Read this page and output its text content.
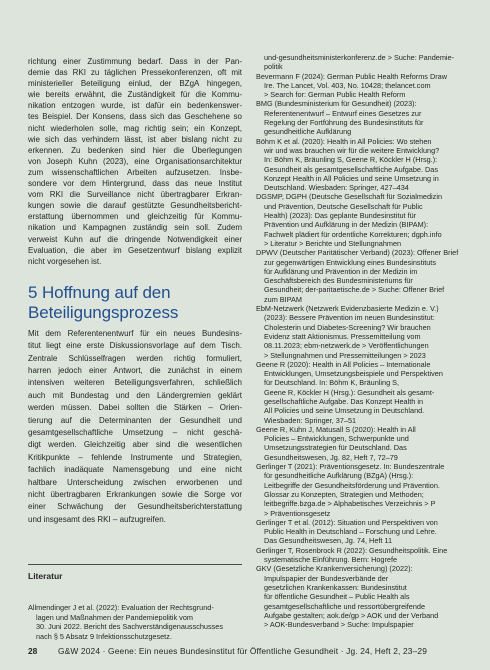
richtung einer Zustimmung bedarf. Dass in der Pan-
demie das RKI zu täglichen Pressekonferenzen, oft mit
ministerieller Beteiligung einlud, der BZgA hingegen,
wie bereits erwähnt, die Zuständigkeit für die Kommu-
nikation entzogen wurde, ist dafür ein bedenkenswer-
tes Beispiel. Der Konsens, dass sich das Geschehene so
nicht wiederholen solle, mag richtig sein; ein Konzept,
wie sich das verhindern lässt, ist aber bislang nicht zu
erkennen. Zu bedenken sind hier die Überlegungen
von Joseph Kuhn (2023), eine Organisationsarchitektur
zum wissenschaftlichen Arbeiten aufzusetzen. Insbe-
sondere vor dem Hintergrund, dass das neue Institut
vom RKI die Surveillance nicht übertragbarer Erkran-
kungen sowie die darauf gestützte Gesundheitsbericht-
erstattung übernommen und gleichzeitig für Kommu-
nikation und Kampagnen zuständig sein soll. Zudem
verweist Kuhn auf die dringende Notwendigkeit einer
Evaluation, die aber im Gesetzentwurf bislang explizit
nicht vorgesehen ist.
5 Hoffnung auf den
Beteiligungsprozess
Mit dem Referentenentwurf für ein neues Bundesins-
titut liegt eine erste Diskussionsvorlage auf dem Tisch.
Zentrale Schlüsselfragen werden richtig formuliert,
harren jedoch einer Antwort, die zunächst in einem
intensiven weiteren Beteiligungsverfahren, schließlich
auch mit Bundestag und den Ländergremien geklärt
werden müssen. Dabei sollten die Stärken – Orien-
tierung auf die Determinanten der Gesundheit und
gesamtgesellschaftliche Umsetzung – nicht geschä-
digt werden. Gleichzeitig aber sind die wesentlichen
Kritikpunkte – fehlende Instrumente und Strategien,
fachlich inadäquate Namensgebung und eine nicht
haltbare Unterscheidung zwischen erworbenen und
nicht übertragbaren Erkrankungen sowie die Sorge vor
einer Schwächung der Gesundheitsberichterstattung
und insgesamt des RKI – aufzugreifen.
Literatur
Allmendinger J et al. (2022): Evaluation der Rechtsgrund-
lagen und Maßnahmen der Pandemiepolitik vom
30. Juni 2022. Bericht des Sachverständigenausschusses
nach § 5 Absatz 9 Infektionsschutzgesetz.
und-gesundheitsministerkonferenz.de > Suche: Pandemie-
politik
Bevermann F (2024): German Public Health Reforms Draw
Ire. The Lancet, Vol. 403, No. 10428; thelancet.com
> Search for: German Public Health Reform
BMG (Bundesministerium für Gesundheit) (2023):
Referentenentwurf – Entwurf eines Gesetzes zur
Regelung der Fortführung des Bundesinstituts für
gesundheitliche Aufklärung
Böhm K et al. (2020): Health in All Policies: Wo stehen
wir und was brauchen wir für die weitere Entwicklung?
In: Böhm K, Bräunling S, Geene R, Köckler H (Hrsg.):
Gesundheit als gesamtgesellschaftliche Aufgabe. Das
Konzept Health in All Policies und seine Umsetzung in
Deutschland. Wiesbaden: Springer, 427–434
DGSMP, DGPH (Deutsche Gesellschaft für Sozialmedizin
und Prävention, Deutsche Gesellschaft für Public
Health) (2023): Das geplante Bundesinstitut für
Prävention und Aufklärung in der Medizin (BIPAM):
Fachwelt plädiert für ordentliche Korrekturen; dgph.info
> Literatur > Berichte und Stellungnahmen
DPWV (Deutscher Paritätischer Verband) (2023): Offener Brief
zur gegenwärtigen Entwicklung eines Bundesinstituts
für Aufklärung und Prävention in der Medizin im
Geschäftsbereich des Bundesministeriums für
Gesundheit; der-paritaetische.de > Suche: Offener Brief
zum BIPAM
EbM-Netzwerk (Netzwerk Evidenzbasierte Medizin e. V.)
(2023): Bessere Prävention im neuen Bundesinstitut:
Cholesterin und Diabetes-Screening? Wir brauchen
Evidenz statt Aktionismus. Pressemitteilung vom
08.11.2023; ebm-netzwerk.de > Veröffentlichungen
> Stellungnahmen und Pressemitteilungen > 2023
Geene R (2020): Health in All Policies – Internationale
Entwicklungen, Umsetzungsbeispiele und Perspektiven
für Deutschland. In: Böhm K, Bräunling S,
Geene R, Köckler H (Hrsg.): Gesundheit als gesamt-
gesellschaftliche Aufgabe. Das Konzept Health in
All Policies und seine Umsetzung in Deutschland.
Wiesbaden: Springer, 37–51
Geene R, Kuhn J, Matusall S (2020): Health in All
Policies – Entwicklungen, Schwerpunkte und
Umsetzungsstrategien für Deutschland. Das
Gesundheitswesen, Jg. 82, Heft 7, 72–79
Gerlinger T (2021): Präventionsgesetz. In: Bundeszentrale
für gesundheitliche Aufklärung (BZgA) (Hrsg.):
Leitbegriffe der Gesundheitsförderung und Prävention.
Glossar zu Konzepten, Strategien und Methoden;
leitbegriffe.bzga.de > Alphabetisches Verzeichnis > P
> Präventionsgesetz
Gerlinger T et al. (2012): Situation und Perspektiven von
Public Health in Deutschland – Forschung und Lehre.
Das Gesundheitswesen, Jg. 74, Heft 11
Gerlinger T, Rosenbrock R (2022): Gesundheitspolitik. Eine
systematische Einführung. Bern: Hogrefe
GKV (Gesetzliche Krankenversicherung) (2022):
Impulspapier der Bundesverbände der
gesetzlichen Krankenkassen: Bundesinstitut
für öffentliche Gesundheit – Public Health als
gesamtgesellschaftliche und ressortübergreifende
Aufgabe gestalten; aok.de/gp > AOK und der Verband
> AOK-Bundesverband > Suche: Impulspapier
28 G&W 2024 · Geene: Ein neues Bundesinstitut für Öffentliche Gesundheit · Jg. 24, Heft 2, 23–29
